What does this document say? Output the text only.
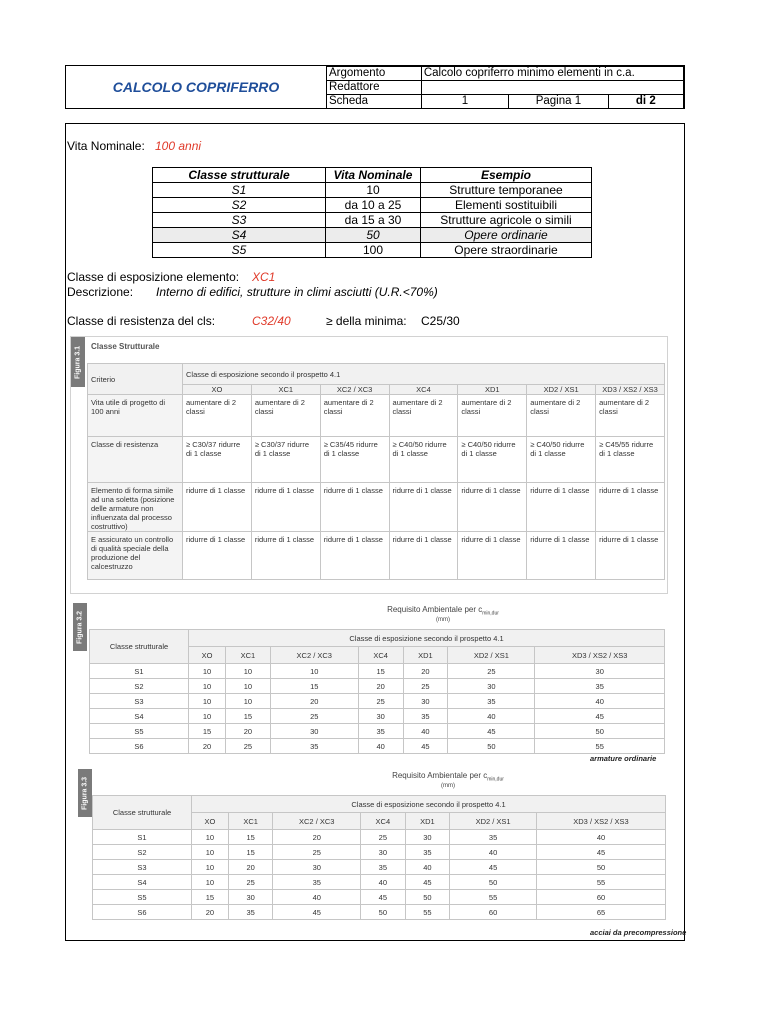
CALCOLO COPRIFERRO
Argomento	Calcolo copriferro minimo elementi in c.a.		
Redattore			
Scheda	1	Pagina 1	di 2
Vita Nominale: 100 anni
Classe strutturale	Vita Nominale	Esempio
S1	10	Strutture temporanee
S2	da 10 a 25	Elementi sostituibili
S3	da 15 a 30	Strutture agricole o simili
S4	50	Opere ordinarie
S5	100	Opere straordinarie
Classe di esposizione elemento: XC1
Descrizione: Interno di edifici, strutture in climi asciutti (U.R.<70%)
Classe di resistenza del cls:	C32/40	≥ della minima: C25/30
Figura 3.1	Classe Strutturale
Criterio	Classe di esposizione secondo il prospetto 4.1						
	XO	XC1	XC2 / XC3	XC4	XD1	XD2 / XS1	XD3 / XS2 / XS3
Vita utile di progetto di 100 anni	aumentare di 2 classi	aumentare di 2 classi	aumentare di 2 classi	aumentare di 2 classi	aumentare di 2 classi	aumentare di 2 classi	aumentare di 2 classi
Classe di resistenza	≥ C30/37 ridurre di 1 classe	≥ C30/37 ridurre di 1 classe	≥ C35/45 ridurre di 1 classe	≥ C40/50 ridurre di 1 classe	≥ C40/50 ridurre di 1 classe	≥ C40/50 ridurre di 1 classe	≥ C45/55 ridurre di 1 classe
Elemento di forma simile ad una soletta (posizione delle armature non influenzata dal processo costruttivo)	ridurre di 1 classe	ridurre di 1 classe	ridurre di 1 classe	ridurre di 1 classe	ridurre di 1 classe	ridurre di 1 classe	ridurre di 1 classe
E assicurato un controllo di qualità speciale della produzione del calcestruzzo	ridurre di 1 classe	ridurre di 1 classe	ridurre di 1 classe	ridurre di 1 classe	ridurre di 1 classe	ridurre di 1 classe	ridurre di 1 classe
Figura 3.2
Requisito Ambientale per $c_{min,dur}$
(mm)
Classe strutturale	Classe di esposizione secondo il prospetto 4.1						
	XO	XC1	XC2 / XC3	XC4	XD1	XD2 / XS1	XD3 / XS2 / XS3
S1	10	10	10	15	20	25	30
S2	10	10	15	20	25	30	35
S3	10	10	20	25	30	35	40
S4	10	15	25	30	35	40	45
S5	15	20	30	35	40	45	50
S6	20	25	35	40	45	50	55
armature ordinarie
Figura 3.3
Requisito Ambientale per $c_{min,dur}$
(mm)
Classe strutturale	Classe di esposizione secondo il prospetto 4.1						
	XO	XC1	XC2 / XC3	XC4	XD1	XD2 / XS1	XD3 / XS2 / XS3
S1	10	15	20	25	30	35	40
S2	10	15	25	30	35	40	45
S3	10	20	30	35	40	45	50
S4	10	25	35	40	45	50	55
S5	15	30	40	45	50	55	60
S6	20	35	45	50	55	60	65
acciai da precompressione
